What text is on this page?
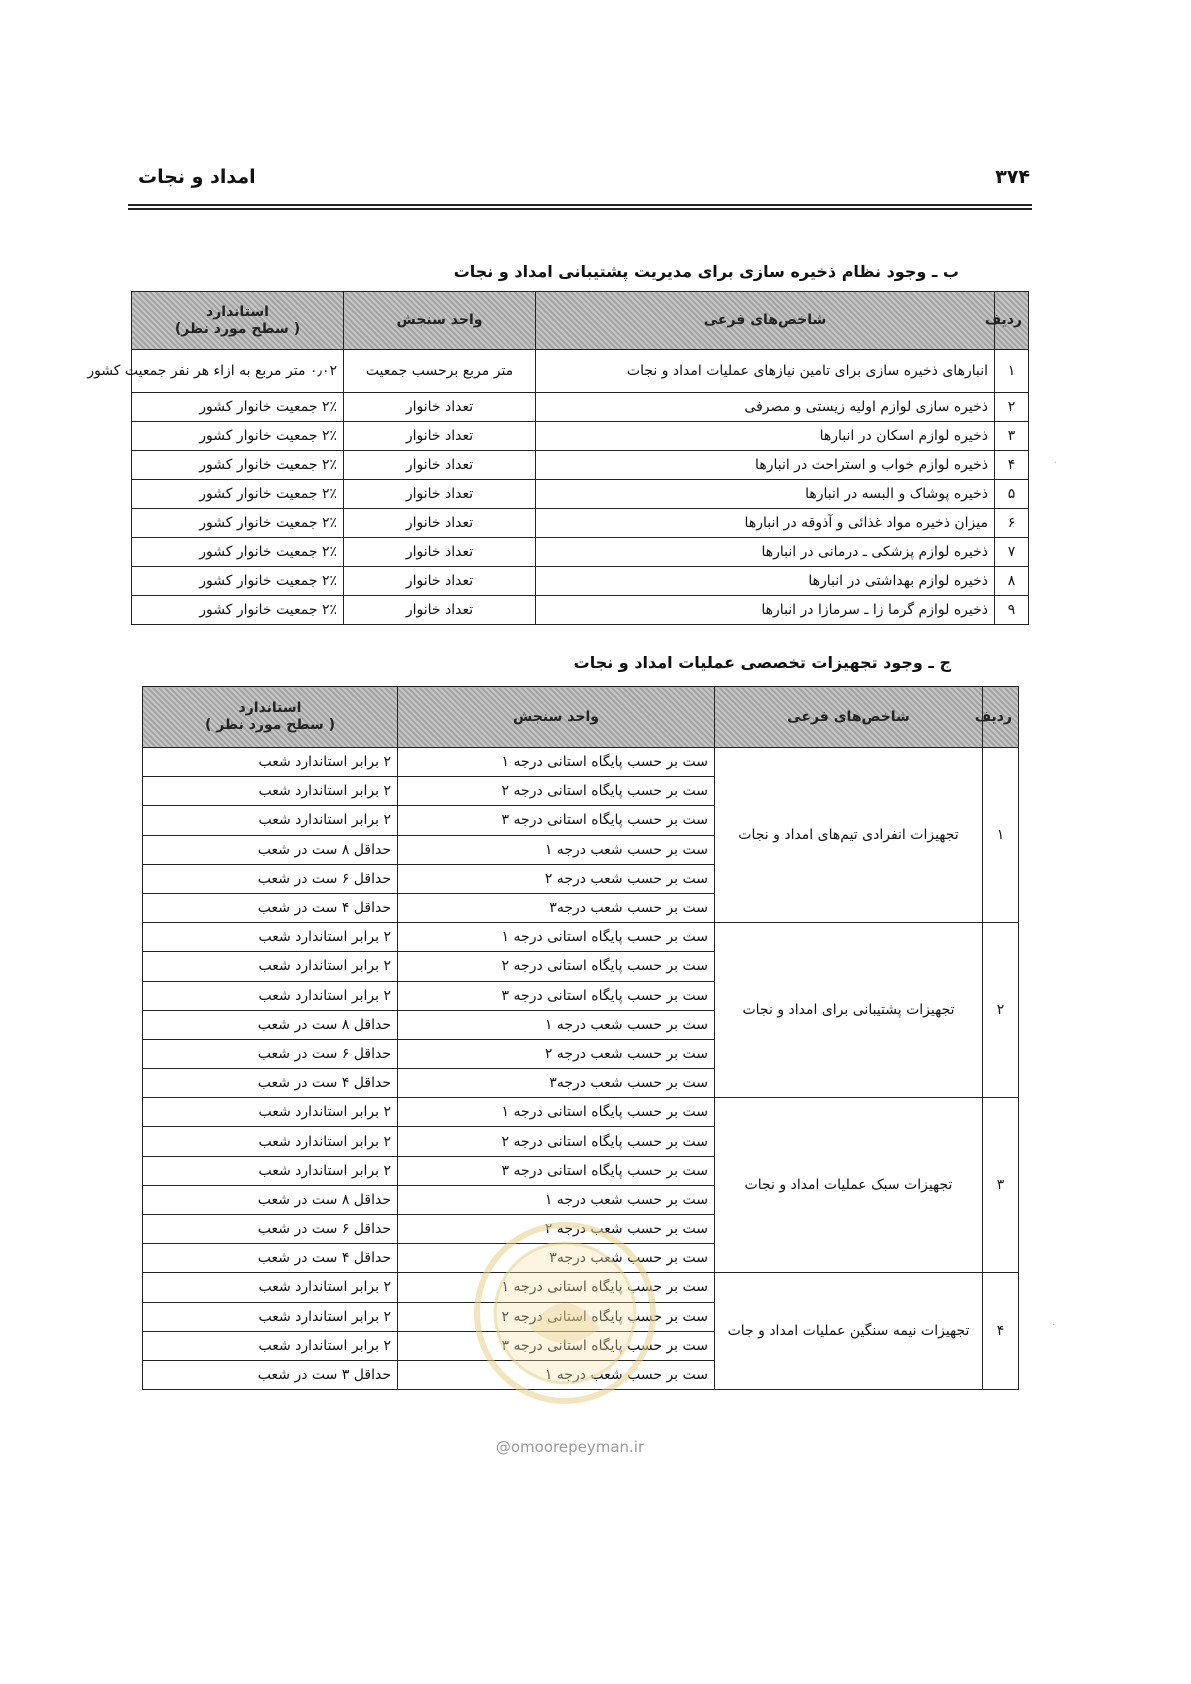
امداد و نجات	۳۷۴
ب ـ وجود نظام ذخیره سازی برای مدیریت پشتیبانی امداد و نجات
ردیف	شاخص‌های فرعی	واحد سنجش	استاندارد
( سطح مورد نظر)

۱	انبارهای ذخیره سازی برای تامین نیازهای عملیات امداد و نجات	متر مربع برحسب جمعیت	۰٫۰۲ متر مربع به ازاء هر نفر جمعیت کشور
۲	ذخیره سازی لوازم اولیه زیستی و مصرفی	تعداد خانوار	۲٪ جمعیت خانوار کشور
۳	ذخیره لوازم اسکان در انبارها	تعداد خانوار	۲٪ جمعیت خانوار کشور
۴	ذخیره لوازم خواب و استراحت در انبارها	تعداد خانوار	۲٪ جمعیت خانوار کشور
۵	ذخیره پوشاک و البسه در انبارها	تعداد خانوار	۲٪ جمعیت خانوار کشور
۶	میزان ذخیره مواد غذائی و آذوقه در انبارها	تعداد خانوار	۲٪ جمعیت خانوار کشور
۷	ذخیره لوازم پزشکی ـ درمانی در انبارها	تعداد خانوار	۲٪ جمعیت خانوار کشور
۸	ذخیره لوازم بهداشتی در انبارها	تعداد خانوار	۲٪ جمعیت خانوار کشور
۹	ذخیره لوازم گرما زا ـ سرمازا در انبارها	تعداد خانوار	۲٪ جمعیت خانوار کشور
ج ـ وجود تجهیزات تخصصی عملیات امداد و نجات
ردیف	شاخص‌های فرعی	واحد سنجش	استاندارد
( سطح مورد نظر )

۱	تجهیزات انفرادی تیم‌های امداد و نجات	ست بر حسب پایگاه استانی درجه ۱	۲ برابر استاندارد شعب
		ست بر حسب پایگاه استانی درجه ۲	۲ برابر استاندارد شعب
		ست بر حسب پایگاه استانی درجه ۳	۲ برابر استاندارد شعب
		ست بر حسب شعب درجه ۱	حداقل ۸ ست در شعب
		ست بر حسب شعب درجه ۲	حداقل ۶ ست در شعب
		ست بر حسب شعب درجه۳	حداقل ۴ ست در شعب
۲	تجهیزات پشتیبانی برای امداد و نجات	ست بر حسب پایگاه استانی درجه ۱	۲ برابر استاندارد شعب
		ست بر حسب پایگاه استانی درجه ۲	۲ برابر استاندارد شعب
		ست بر حسب پایگاه استانی درجه ۳	۲ برابر استاندارد شعب
		ست بر حسب شعب درجه ۱	حداقل ۸ ست در شعب
		ست بر حسب شعب درجه ۲	حداقل ۶ ست در شعب
		ست بر حسب شعب درجه۳	حداقل ۴ ست در شعب
۳	تجهیزات سبک عملیات امداد و نجات	ست بر حسب پایگاه استانی درجه ۱	۲ برابر استاندارد شعب
		ست بر حسب پایگاه استانی درجه ۲	۲ برابر استاندارد شعب
		ست بر حسب پایگاه استانی درجه ۳	۲ برابر استاندارد شعب
		ست بر حسب شعب درجه ۱	حداقل ۸ ست در شعب
		ست بر حسب شعب درجه ۲	حداقل ۶ ست در شعب
		ست بر حسب شعب درجه۳	حداقل ۴ ست در شعب
۴	تجهیزات نیمه سنگین عملیات امداد و جات	ست بر حسب پایگاه استانی درجه ۱	۲ برابر استاندارد شعب
		ست بر حسب پایگاه استانی درجه ۲	۲ برابر استاندارد شعب
		ست بر حسب پایگاه استانی درجه ۳	۲ برابر استاندارد شعب
		ست بر حسب شعب درجه ۱	حداقل ۳ ست در شعب
@omoorepeyman.ir
·
·
